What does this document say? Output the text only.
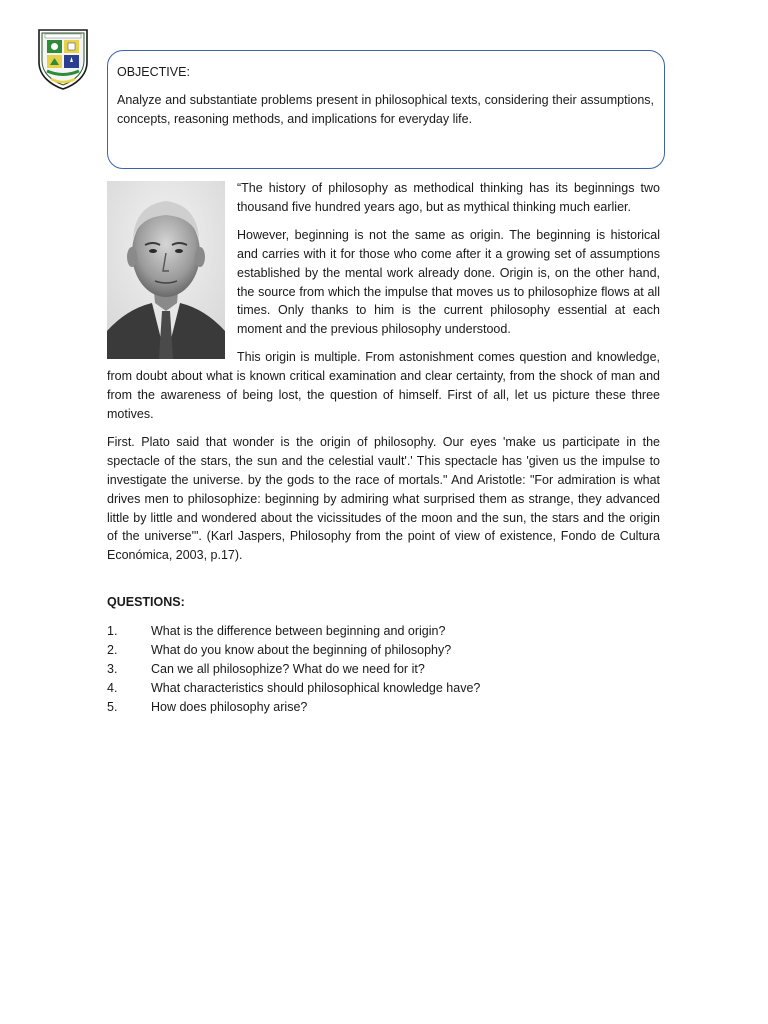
OBJECTIVE:
Analyze and substantiate problems present in philosophical texts, considering their assumptions, concepts, reasoning methods, and implications for everyday life.

“The history of philosophy as methodical thinking has its beginnings two thousand five hundred years ago, but as mythical thinking much earlier.

However, beginning is not the same as origin. The beginning is historical and carries with it for those who come after it a growing set of assumptions established by the mental work already done. Origin is, on the other hand, the source from which the impulse that moves us to philosophize flows at all times. Only thanks to him is the current philosophy essential at each moment and the previous philosophy understood.

This origin is multiple. From astonishment comes question and knowledge, from doubt about what is known critical examination and clear certainty, from the shock of man and from the awareness of being lost, the question of himself. First of all, let us picture these three motives.

First. Plato said that wonder is the origin of philosophy. Our eyes 'make us participate in the spectacle of the stars, the sun and the celestial vault'.' This spectacle has 'given us the impulse to investigate the universe. by the gods to the race of mortals." And Aristotle: "For admiration is what drives men to philosophize: beginning by admiring what surprised them as strange, they advanced little by little and wondered about the vicissitudes of the moon and the sun, the stars and the origin of the universe'". (Karl Jaspers, Philosophy from the point of view of existence, Fondo de Cultura Económica, 2003, p.17).

QUESTIONS:
1.	What is the difference between beginning and origin?
2.	What do you know about the beginning of philosophy?
3.	Can we all philosophize? What do we need for it?
4.	What characteristics should philosophical knowledge have?
5.	How does philosophy arise?
